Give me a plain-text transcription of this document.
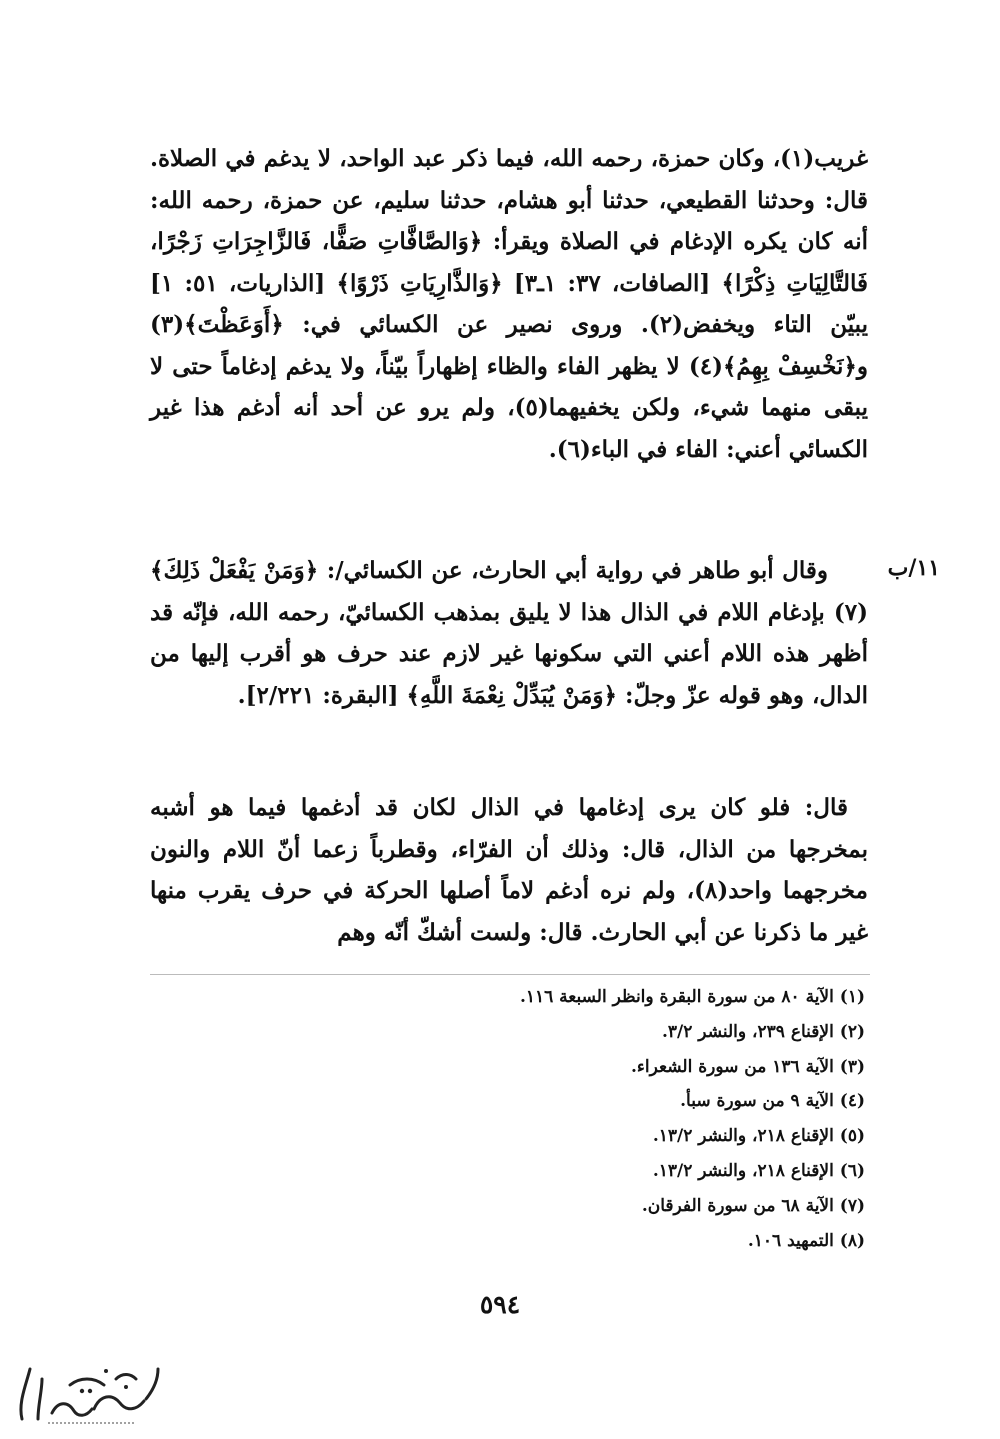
غريب(١)، وكان حمزة، رحمه الله، فيما ذكر عبد الواحد، لا يدغم في الصلاة. قال: وحدثنا القطيعي، حدثنا أبو هشام، حدثنا سليم، عن حمزة، رحمه الله: أنه كان يكره الإدغام في الصلاة ويقرأ: ﴿وَالصَّافَّاتِ صَفًّا، فَالزَّاجِرَاتِ زَجْرًا، فَالتَّالِيَاتِ ذِكْرًا﴾ [الصافات، ٣٧: ١ـ٣] ﴿وَالذَّارِيَاتِ ذَرْوًا﴾ [الذاريات، ٥١: ١] يبيّن التاء ويخفض(٢). وروى نصير عن الكسائي في: ﴿أَوَعَظْتَ﴾(٣) و﴿نَخْسِفْ بِهِمُ﴾(٤) لا يظهر الفاء والظاء إظهاراً بيّناً، ولا يدغم إدغاماً حتى لا يبقى منهما شيء، ولكن يخفيهما(٥)، ولم يرو عن أحد أنه أدغم هذا غير الكسائي أعني: الفاء في الباء(٦).
١١/ب
وقال أبو طاهر في رواية أبي الحارث، عن الكسائي/: ﴿وَمَنْ يَفْعَلْ ذَلِكَ﴾(٧) بإدغام اللام في الذال هذا لا يليق بمذهب الكسائيّ، رحمه الله، فإنّه قد أظهر هذه اللام أعني التي سكونها غير لازم عند حرف هو أقرب إليها من الدال، وهو قوله عزّ وجلّ: ﴿وَمَنْ يُبَدِّلْ نِعْمَةَ اللَّهِ﴾ [البقرة: ٢/٢٢١].
قال: فلو كان يرى إدغامها في الذال لكان قد أدغمها فيما هو أشبه بمخرجها من الذال، قال: وذلك أن الفرّاء، وقطرباً زعما أنّ اللام والنون مخرجهما واحد(٨)، ولم نره أدغم لاماً أصلها الحركة في حرف يقرب منها غير ما ذكرنا عن أبي الحارث. قال: ولست أشكّ أنّه وهم
(١) الآية ٨٠ من سورة البقرة وانظر السبعة ١١٦.
(٢) الإقناع ٢٣٩، والنشر ٣/٢.
(٣) الآية ١٣٦ من سورة الشعراء.
(٤) الآية ٩ من سورة سبأ.
(٥) الإقناع ٢١٨، والنشر ١٣/٢.
(٦) الإقناع ٢١٨، والنشر ١٣/٢.
(٧) الآية ٦٨ من سورة الفرقان.
(٨) التمهيد ١٠٦.
٥٩٤
